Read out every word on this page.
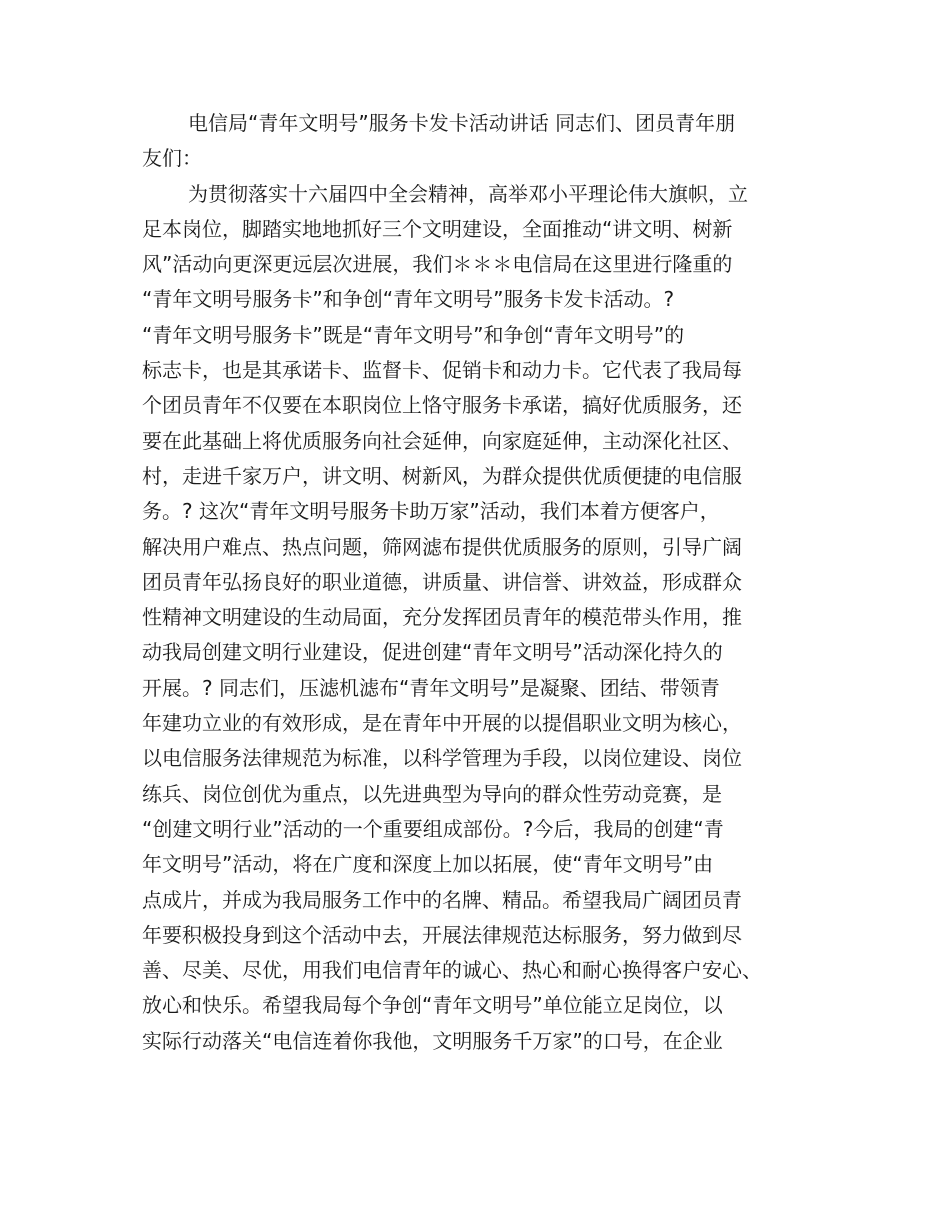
电信局“青年文明号”服务卡发卡活动讲话 同志们、团员青年朋
友们：
为贯彻落实十六届四中全会精神，高举邓小平理论伟大旗帜，立
足本岗位，脚踏实地地抓好三个文明建设，全面推动“讲文明、树新
风”活动向更深更远层次进展，我们＊＊＊电信局在这里进行隆重的
“青年文明号服务卡”和争创“青年文明号”服务卡发卡活动。?
“青年文明号服务卡”既是“青年文明号”和争创“青年文明号”的
标志卡，也是其承诺卡、监督卡、促销卡和动力卡。它代表了我局每
个团员青年不仅要在本职岗位上恪守服务卡承诺，搞好优质服务，还
要在此基础上将优质服务向社会延伸，向家庭延伸，主动深化社区、
村，走进千家万户，讲文明、树新风，为群众提供优质便捷的电信服
务。? 这次“青年文明号服务卡助万家”活动，我们本着方便客户，
解决用户难点、热点问题，筛网滤布提供优质服务的原则，引导广阔
团员青年弘扬良好的职业道德，讲质量、讲信誉、讲效益，形成群众
性精神文明建设的生动局面，充分发挥团员青年的模范带头作用，推
动我局创建文明行业建设，促进创建“青年文明号”活动深化持久的
开展。? 同志们，压滤机滤布“青年文明号”是凝聚、团结、带领青
年建功立业的有效形成，是在青年中开展的以提倡职业文明为核心，
以电信服务法律规范为标准，以科学管理为手段，以岗位建设、岗位
练兵、岗位创优为重点，以先进典型为导向的群众性劳动竞赛，是
“创建文明行业”活动的一个重要组成部份。?今后，我局的创建“青
年文明号”活动，将在广度和深度上加以拓展，使“青年文明号”由
点成片，并成为我局服务工作中的名牌、精品。希望我局广阔团员青
年要积极投身到这个活动中去，开展法律规范达标服务，努力做到尽
善、尽美、尽优，用我们电信青年的诚心、热心和耐心换得客户安心、
放心和快乐。希望我局每个争创“青年文明号”单位能立足岗位，以
实际行动落关“电信连着你我他，文明服务千万家”的口号，在企业
